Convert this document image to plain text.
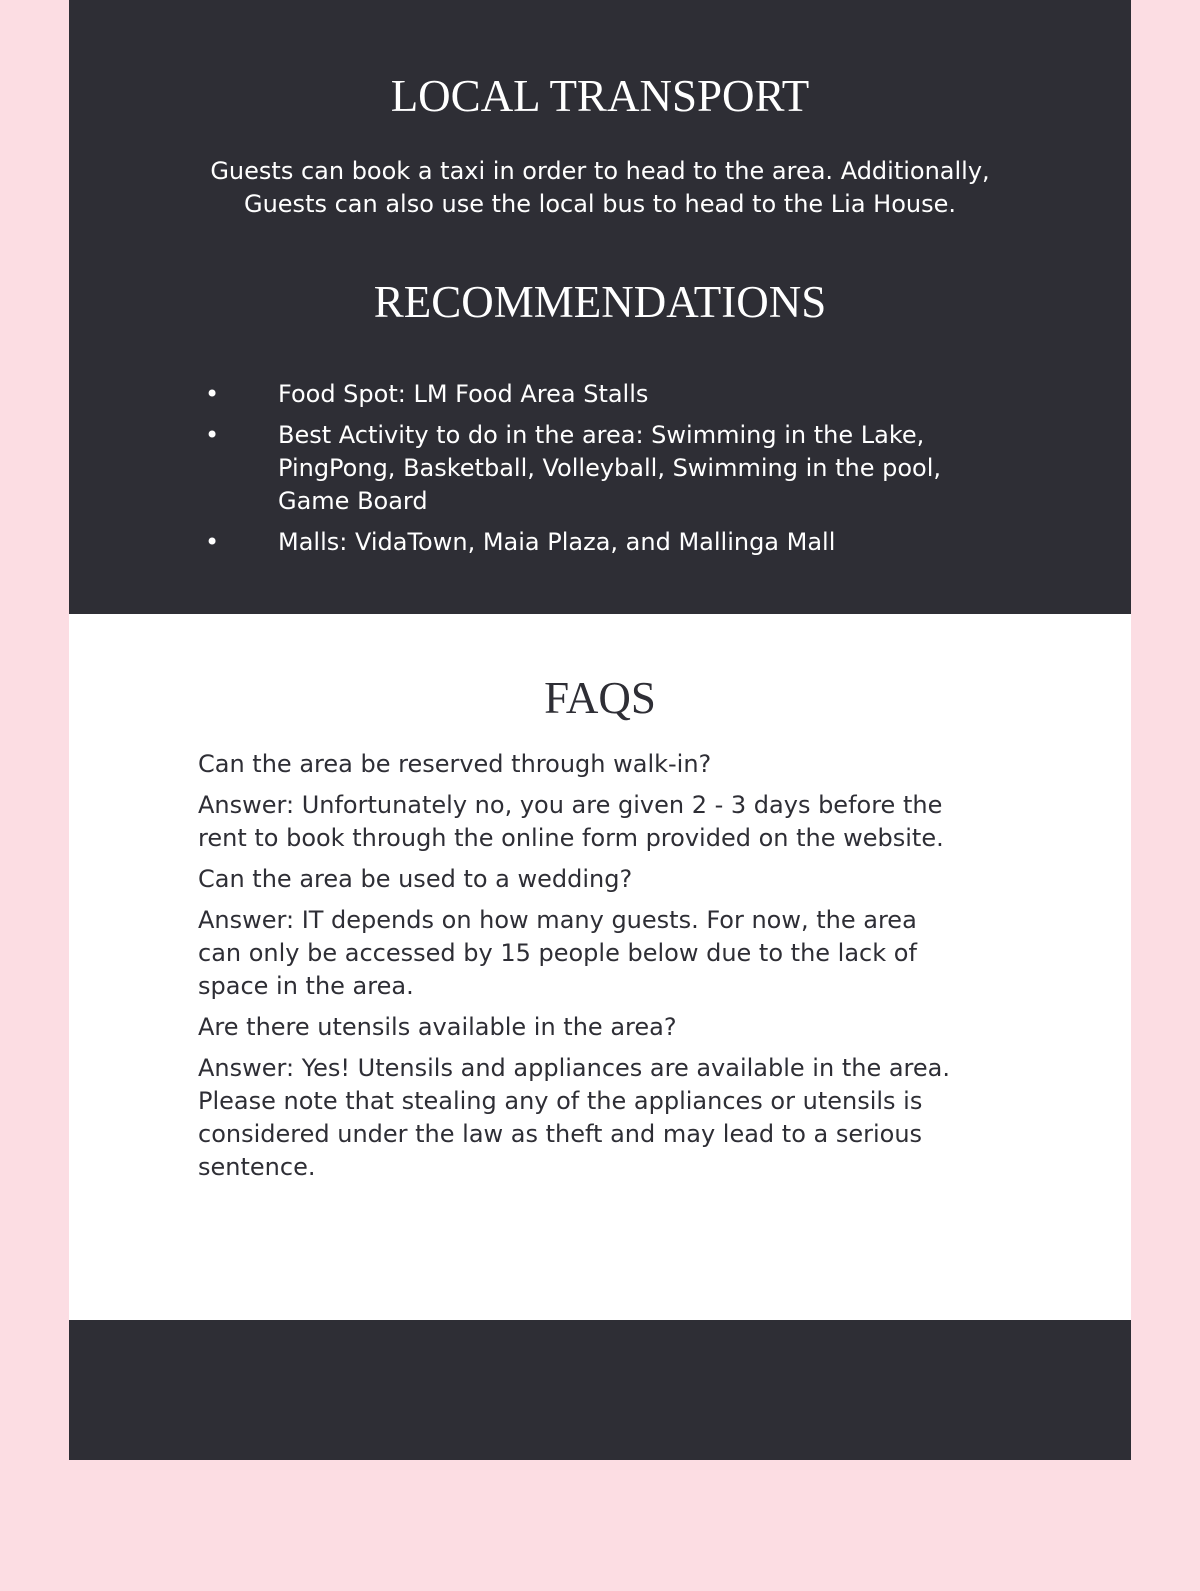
LOCAL TRANSPORT

Guests can book a taxi in order to head to the area. Additionally, Guests can also use the local bus to head to the Lia House.

RECOMMENDATIONS
• Food Spot: LM Food Area Stalls
• Best Activity to do in the area: Swimming in the Lake, PingPong, Basketball, Volleyball, Swimming in the pool, Game Board
• Malls: VidaTown, Maia Plaza, and Mallinga Mall
FAQS

Can the area be reserved through walk-in?

Answer: Unfortunately no, you are given 2 - 3 days before the rent to book through the online form provided on the website.

Can the area be used to a wedding?

Answer: IT depends on how many guests. For now, the area can only be accessed by 15 people below due to the lack of space in the area.

Are there utensils available in the area?

Answer: Yes! Utensils and appliances are available in the area. Please note that stealing any of the appliances or utensils is considered under the law as theft and may lead to a serious sentence.
